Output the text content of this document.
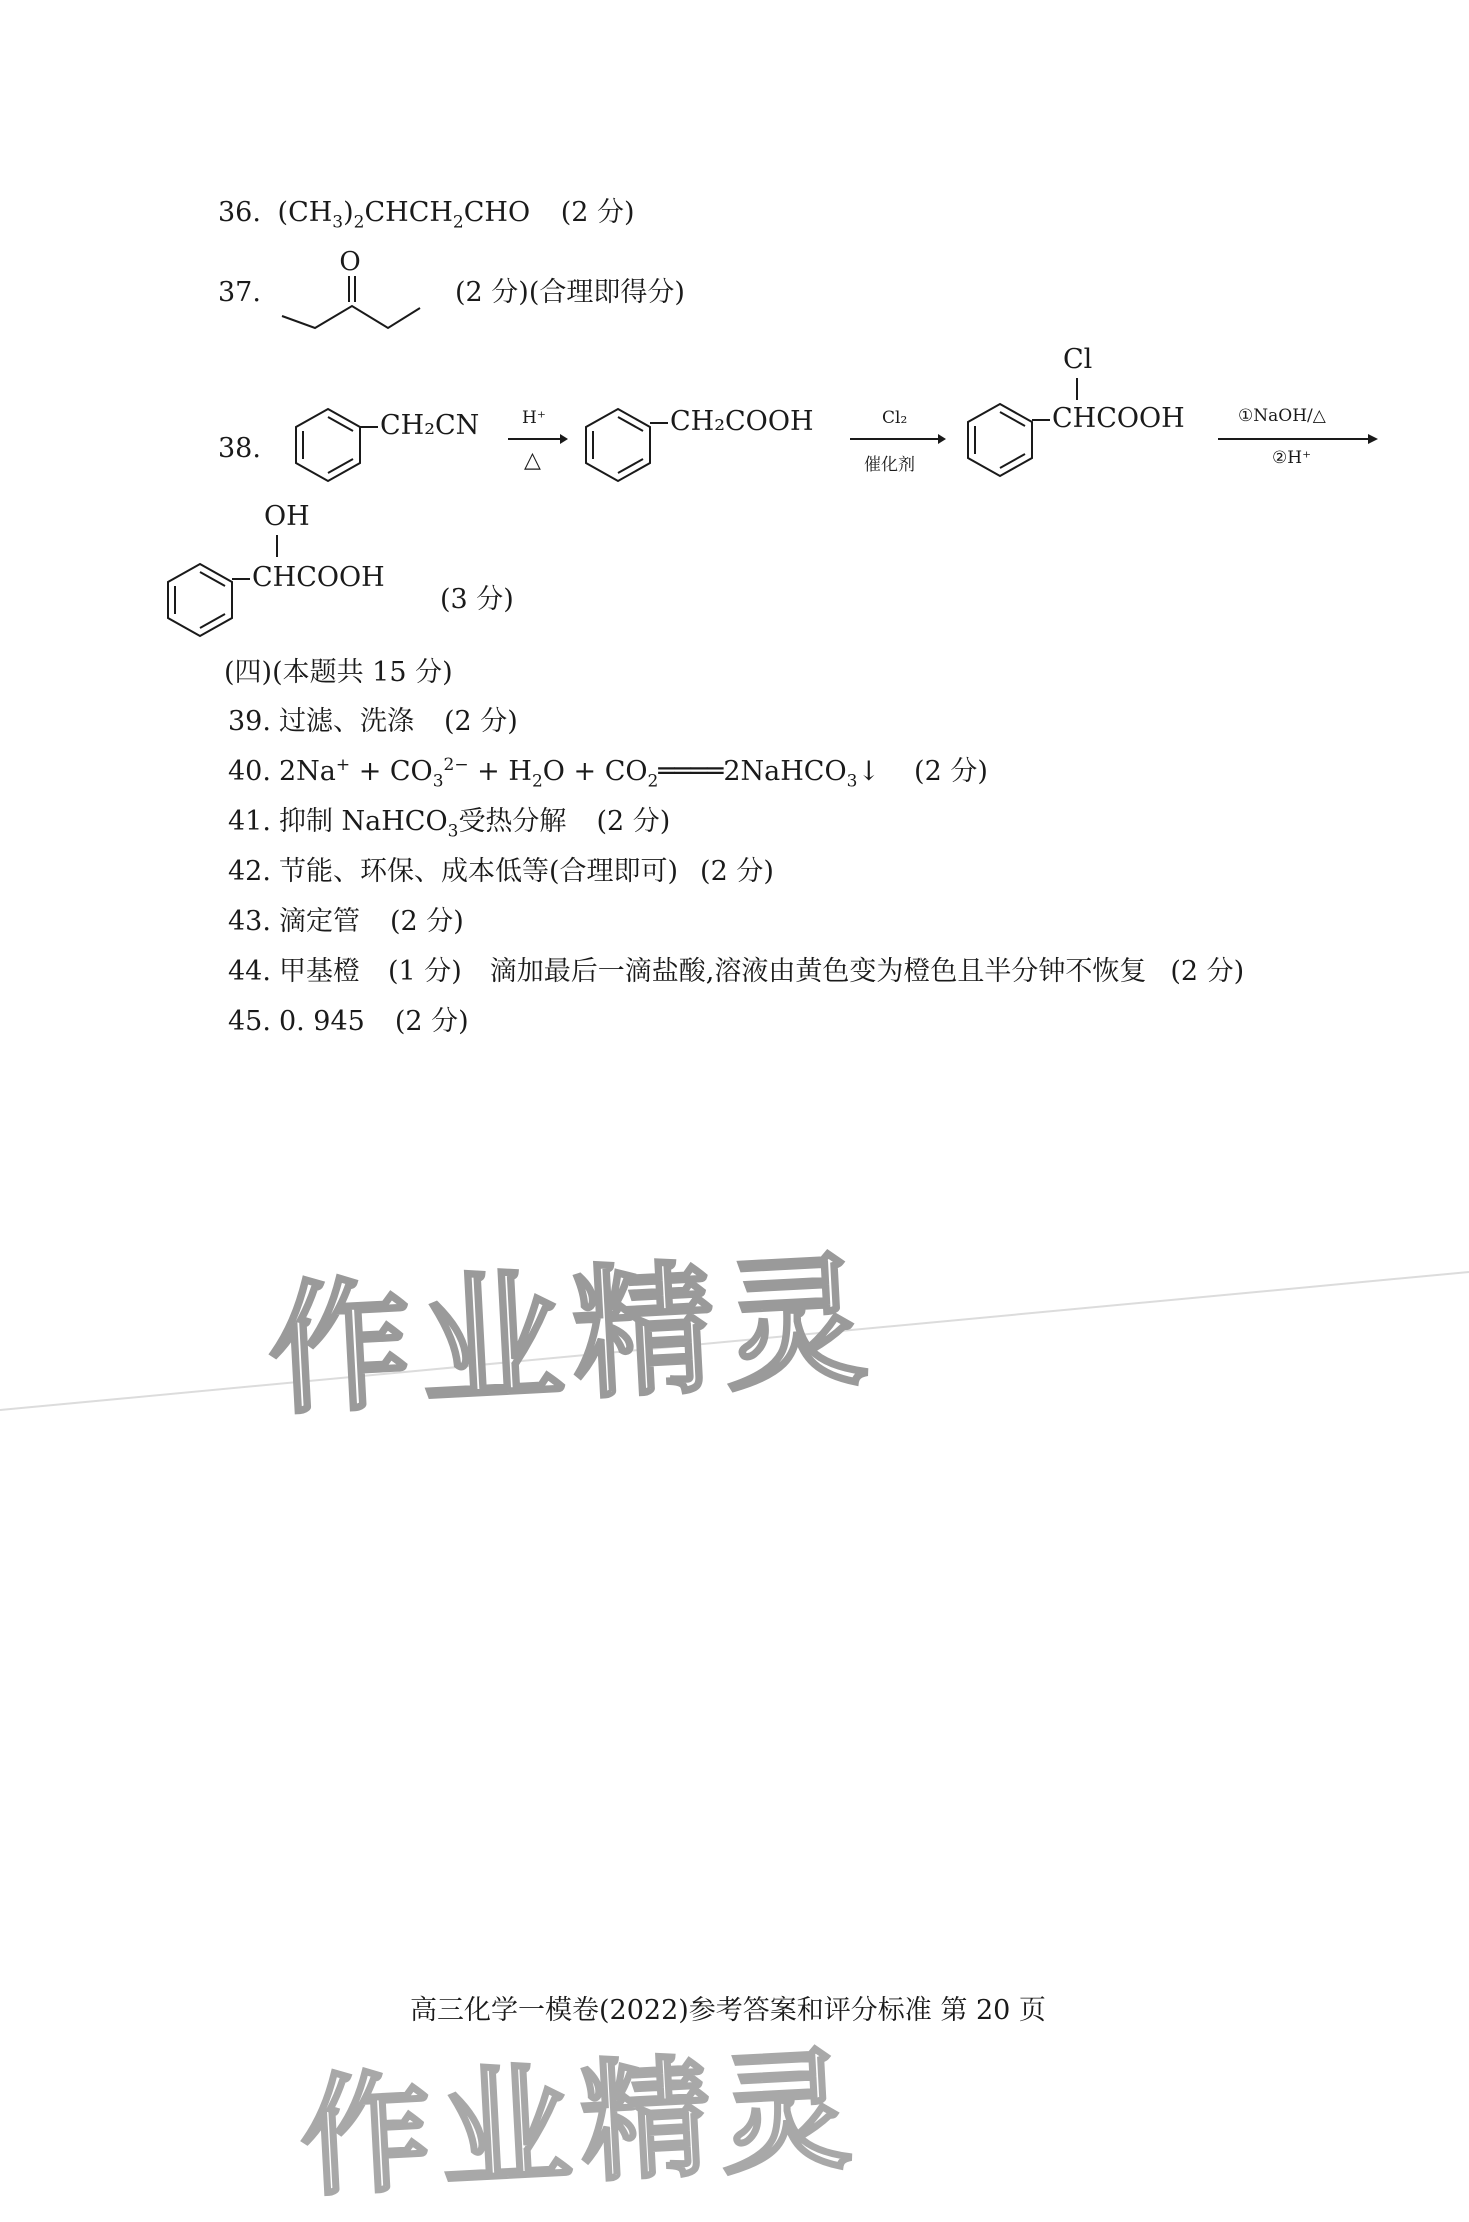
36. $(CH_3)_2CHCH_2CHO$ (2 分)
37.
O
(2 分)(合理即得分)
38.
CH₂CN	H⁺
△
CH₂COOH	Cl₂
催化剂
Cl
CHCOOH	①NaOH/△
②H⁺
OH
CHCOOH
(3 分)
(四)(本题共 15 分)
39. 过滤、洗涤 (2 分)
40. $2Na^+ + CO_3^{2-} + H_2O$ + $CO_2════2NaHCO_3↓$ (2 分)
41. 抑制 NaHCO$_3$受热分解 (2 分)
42. 节能、环保、成本低等(合理即可) (2 分)
43. 滴定管 (2 分)
44. 甲基橙 (1 分) 滴加最后一滴盐酸,溶液由黄色变为橙色且半分钟不恢复 (2 分)
45. 0. 945 (2 分)
作业精灵
高三化学一模卷(2022)参考答案和评分标准 第 20 页
作业精灵
